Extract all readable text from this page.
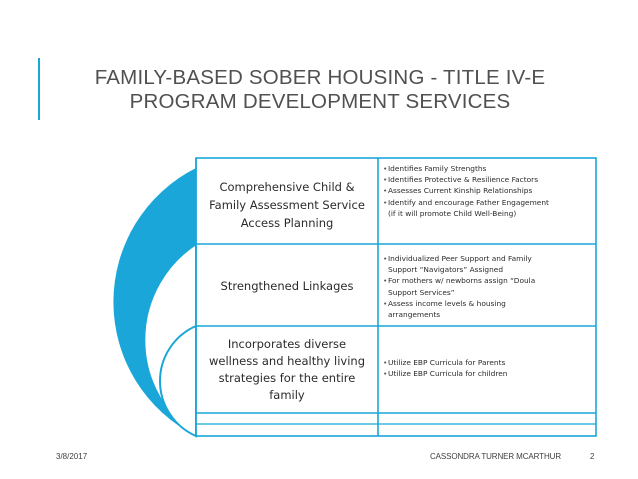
FAMILY-BASED SOBER HOUSING - TITLE IV-E
PROGRAM DEVELOPMENT SERVICES
Comprehensive Child &
Family Assessment Service
Access Planning
Strengthened Linkages
Incorporates diverse
wellness and healthy living
strategies for the entire
family
• Identifies Family Strengths
• Identifies Protective & Resilience Factors
• Assesses Current Kinship Relationships
• Identify and encourage Father Engagement
(if it will promote Child Well-Being)
• Individualized Peer Support and Family
Support “Navigators” Assigned
• For mothers w/ newborns assign “Doula
Support Services”
• Assess income levels & housing
arrangements
• Utilize EBP Curricula for Parents
• Utilize EBP Curricula for children
3/8/2017	CASSONDRA TURNER MCARTHUR	2
